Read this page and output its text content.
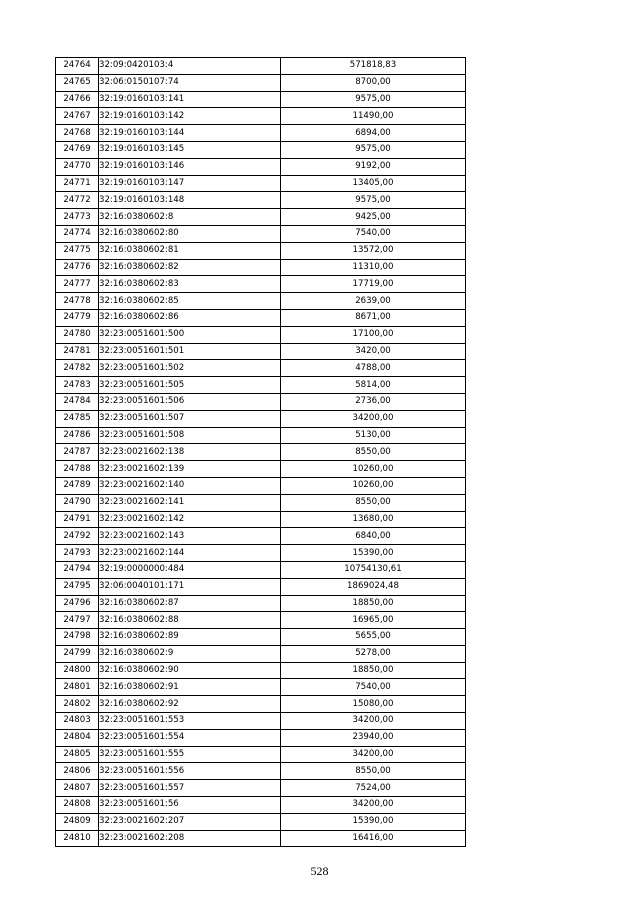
24764	32:09:0420103:4	571818,83
24765	32:06:0150107:74	8700,00
24766	32:19:0160103:141	9575,00
24767	32:19:0160103:142	11490,00
24768	32:19:0160103:144	6894,00
24769	32:19:0160103:145	9575,00
24770	32:19:0160103:146	9192,00
24771	32:19:0160103:147	13405,00
24772	32:19:0160103:148	9575,00
24773	32:16:0380602:8	9425,00
24774	32:16:0380602:80	7540,00
24775	32:16:0380602:81	13572,00
24776	32:16:0380602:82	11310,00
24777	32:16:0380602:83	17719,00
24778	32:16:0380602:85	2639,00
24779	32:16:0380602:86	8671,00
24780	32:23:0051601:500	17100,00
24781	32:23:0051601:501	3420,00
24782	32:23:0051601:502	4788,00
24783	32:23:0051601:505	5814,00
24784	32:23:0051601:506	2736,00
24785	32:23:0051601:507	34200,00
24786	32:23:0051601:508	5130,00
24787	32:23:0021602:138	8550,00
24788	32:23:0021602:139	10260,00
24789	32:23:0021602:140	10260,00
24790	32:23:0021602:141	8550,00
24791	32:23:0021602:142	13680,00
24792	32:23:0021602:143	6840,00
24793	32:23:0021602:144	15390,00
24794	32:19:0000000:484	10754130,61
24795	32:06:0040101:171	1869024,48
24796	32:16:0380602:87	18850,00
24797	32:16:0380602:88	16965,00
24798	32:16:0380602:89	5655,00
24799	32:16:0380602:9	5278,00
24800	32:16:0380602:90	18850,00
24801	32:16:0380602:91	7540,00
24802	32:16:0380602:92	15080,00
24803	32:23:0051601:553	34200,00
24804	32:23:0051601:554	23940,00
24805	32:23:0051601:555	34200,00
24806	32:23:0051601:556	8550,00
24807	32:23:0051601:557	7524,00
24808	32:23:0051601:56	34200,00
24809	32:23:0021602:207	15390,00
24810	32:23:0021602:208	16416,00
528
